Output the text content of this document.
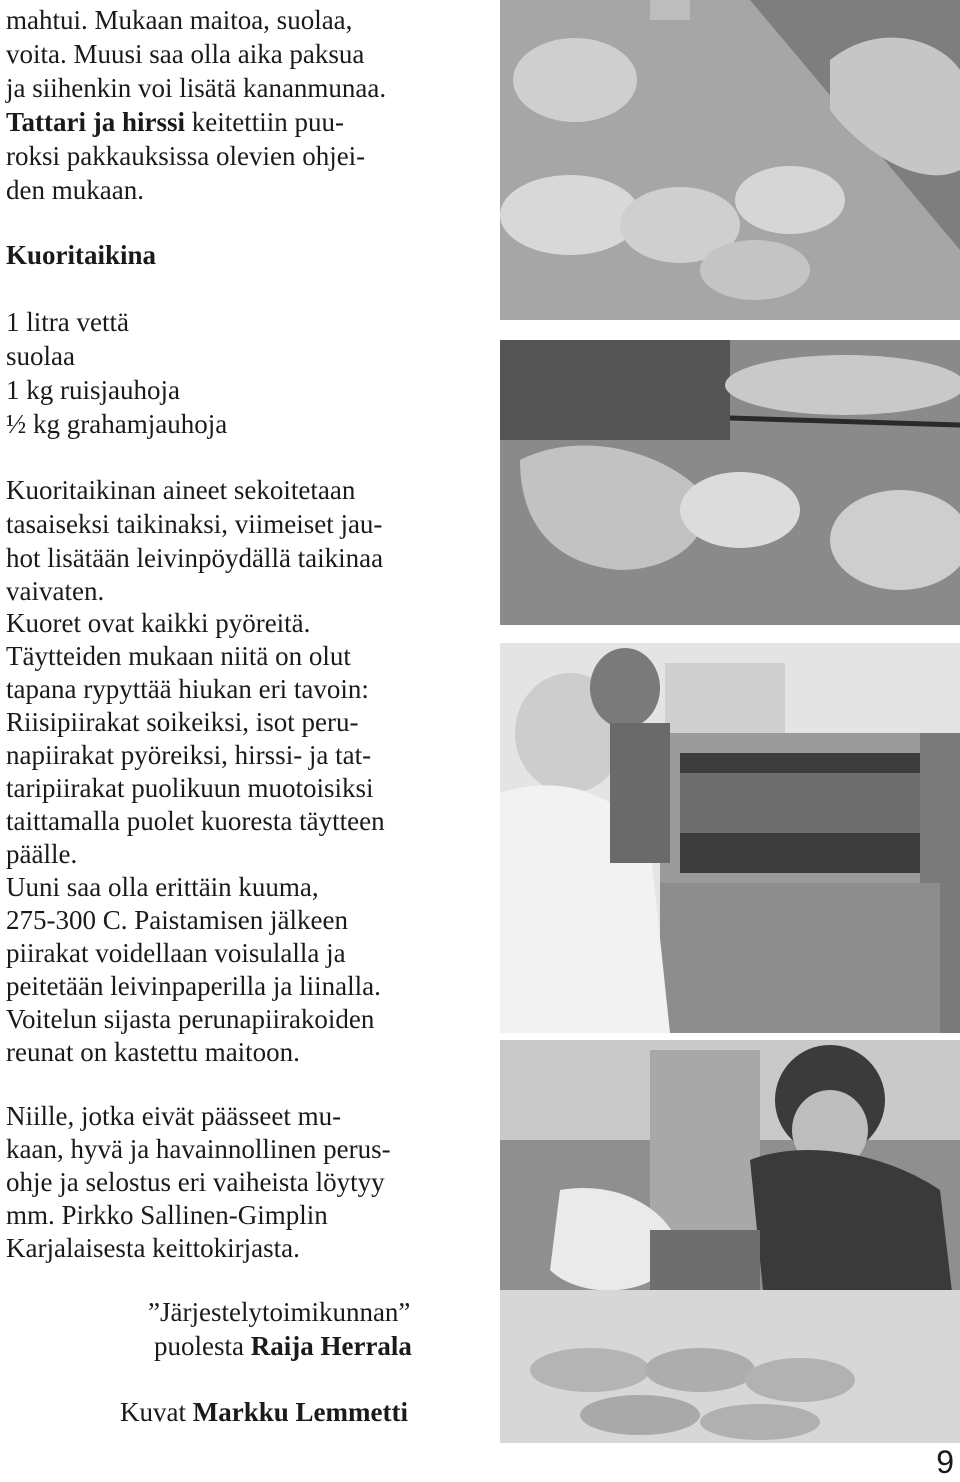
mahtui. Mukaan maitoa, suolaa,
voita. Muusi saa olla aika paksua
ja siihenkin voi lisätä kananmunaa.
Tattari ja hirssi keitettiin puu-
roksi pakkauksissa olevien ohjei-
den mukaan.
Kuoritaikina
1 litra vettä
suolaa
1 kg ruisjauhoja
½ kg grahamjauhoja
Kuoritaikinan aineet sekoitetaan
tasaiseksi taikinaksi, viimeiset jau-
hot lisätään leivinpöydällä taikinaa
vaivaten.
Kuoret ovat kaikki pyöreitä.
Täytteiden mukaan niitä on olut
tapana rypyttää hiukan eri tavoin:
Riisipiirakat soikeiksi, isot peru-
napiirakat pyöreiksi, hirssi- ja tat-
taripiirakat puolikuun muotoisiksi
taittamalla puolet kuoresta täytteen
päälle.
Uuni saa olla erittäin kuuma,
275-300 C. Paistamisen jälkeen
piirakat voidellaan voisulalla ja
peitetään leivinpaperilla ja liinalla.
Voitelun sijasta perunapiirakoiden
reunat on kastettu maitoon.
Niille, jotka eivät päässeet mu-
kaan, hyvä ja havainnollinen perus-
ohje ja selostus eri vaiheista löytyy
mm. Pirkko Sallinen-Gimplin
Karjalaisesta keittokirjasta.
”Järjestelytoimikunnan”
puolesta Raija Herrala
Kuvat Markku Lemmetti
9
